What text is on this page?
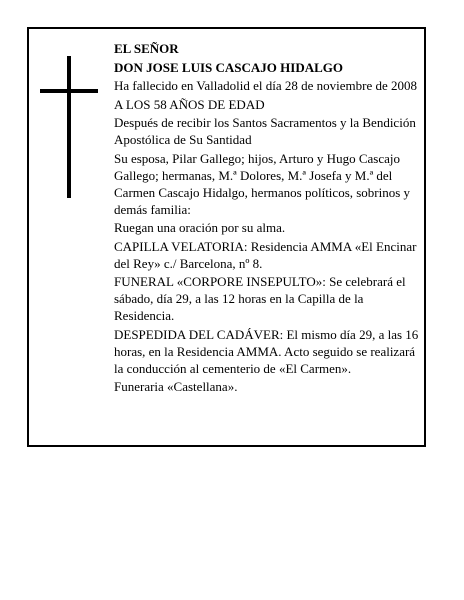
EL SEÑOR

DON JOSE LUIS CASCAJO HIDALGO

Ha fallecido en Valladolid el día 28 de noviembre de 2008

A LOS 58 AÑOS DE EDAD

Después de recibir los Santos Sacramentos y la Bendición Apostólica de Su Santidad

Su esposa, Pilar Gallego; hijos, Arturo y Hugo Cascajo Gallego; hermanas, M.ª Dolores, M.ª Josefa y M.ª del Carmen Cascajo Hidalgo, hermanos políticos, sobrinos y demás familia:

Ruegan una oración por su alma.

CAPILLA VELATORIA: Residencia AMMA «El Encinar del Rey» c./ Barcelona, nº 8.

FUNERAL «CORPORE INSEPULTO»: Se celebrará el sábado, día 29, a las 12 horas en la Capilla de la Residencia.

DESPEDIDA DEL CADÁVER: El mismo día 29, a las 16 horas, en la Residencia AMMA. Acto seguido se realizará la conducción al cementerio de «El Carmen».

Funeraria «Castellana».
